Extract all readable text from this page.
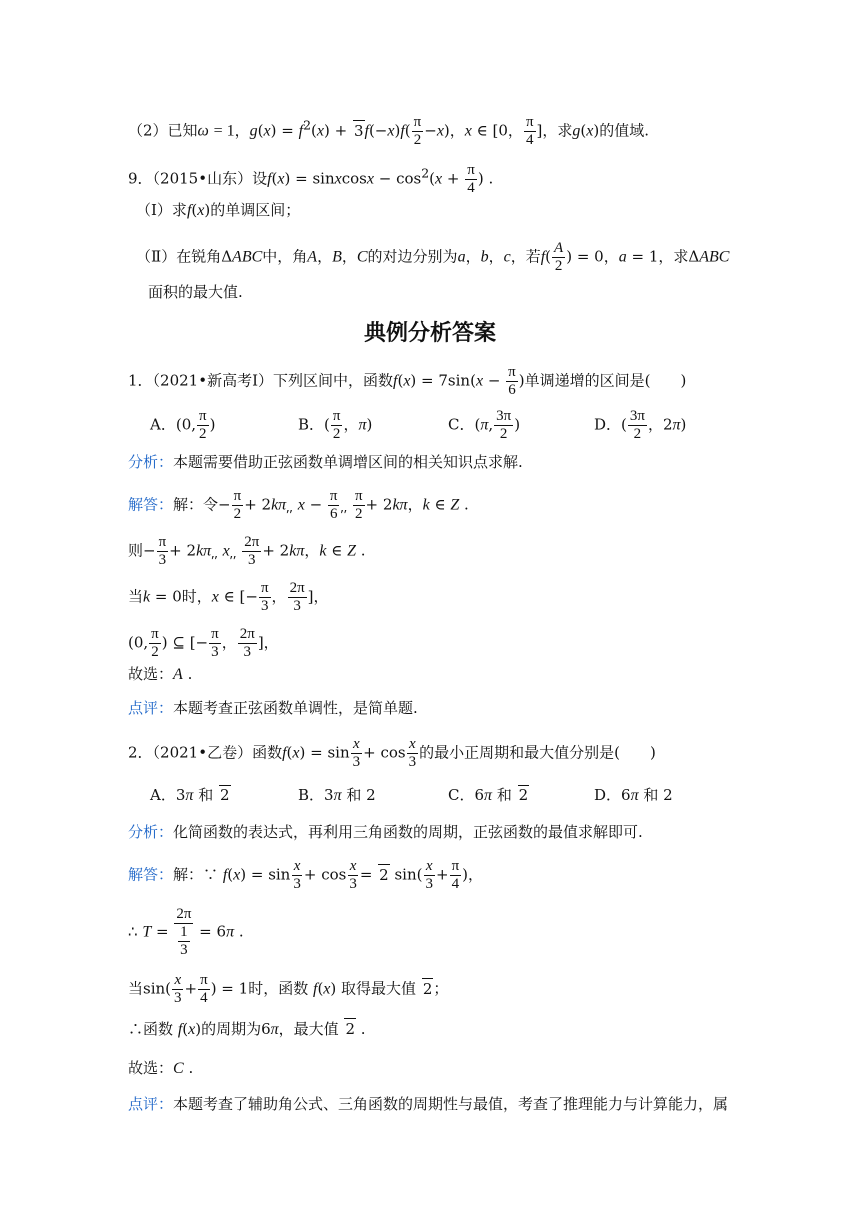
（2）已知ω = 1，$g(x) = f^2(x) + 3f(-x)f( \frac{\pi}{2} -x)$，x ∈ [0， $\frac{\pi}{4}$ ]，求g(x)的值域.
9．（2015•山东）设f(x) = sinxcosx − $\cos^2(x + \frac{\pi}{4}$ ) .
（Ⅰ）求f(x)的单调区间；
（Ⅱ）在锐角ΔABC中，角A，B，C的对边分别为a，b，c，若$f( \frac{A}{2}$ ) = 0，a = 1，求ΔABC
面积的最大值.
典例分析答案
1．（2021•新高考Ⅰ）下列区间中，函数$f(x) = 7\sin(x - \frac{\pi}{6}$ )单调递增的区间是(　　)
A．(0, $\frac{\pi}{2}$ )	B．( $\frac{\pi}{2}$ ，π)	C．(π, $\frac{3\pi}{2}$ )	D．( $\frac{3\pi}{2}$ ，2π)
分析：本题需要借助正弦函数单调增区间的相关知识点求解.
解答：解：令− $\frac{\pi}{2} + 2k\pi_{⸴⸴}$ $x - \frac{\pi}{6} _{⸴⸴} \frac{\pi}{2} + 2k\pi$，k ∈ Z .
则− $\frac{\pi}{3} + 2k\pi_{⸴⸴}$ $x_{⸴⸴} \frac{2\pi}{3} + 2k\pi$，k ∈ Z .
当k = 0时，x ∈ [− $\frac{\pi}{3}$ ， $\frac{2\pi}{3}$ ]，
(0, $\frac{\pi}{2}$ ) ⊆ [− $\frac{\pi}{3}$ ， $\frac{2\pi}{3}$ ]，
故选：A .
点评：本题考查正弦函数单调性，是简单题.
2．（2021•乙卷）函数$f(x) = \sin \frac{x}{3} + \cos \frac{x}{3}$ 的最小正周期和最大值分别是(　　)
A．3π 和 2	B．3π 和 2	C．6π 和 2	D．6π 和 2
分析：化简函数的表达式，再利用三角函数的周期，正弦函数的最值求解即可.
解答：解：∵ $f(x) = \sin \frac{x}{3} + \cos \frac{x}{3} = 2$ $\sin( \frac{x}{3} + \frac{\pi}{4}$ )，
∴ $T = \frac{2\pi}{\frac{1}{3}} = 6\pi$ .
当$\sin( \frac{x}{3} + \frac{\pi}{4}$ ) = 1时，函数 f(x) 取得最大值 2；
∴函数 f(x)的周期为6π，最大值 2 .
故选：C .
点评：本题考查了辅助角公式、三角函数的周期性与最值，考查了推理能力与计算能力，属
